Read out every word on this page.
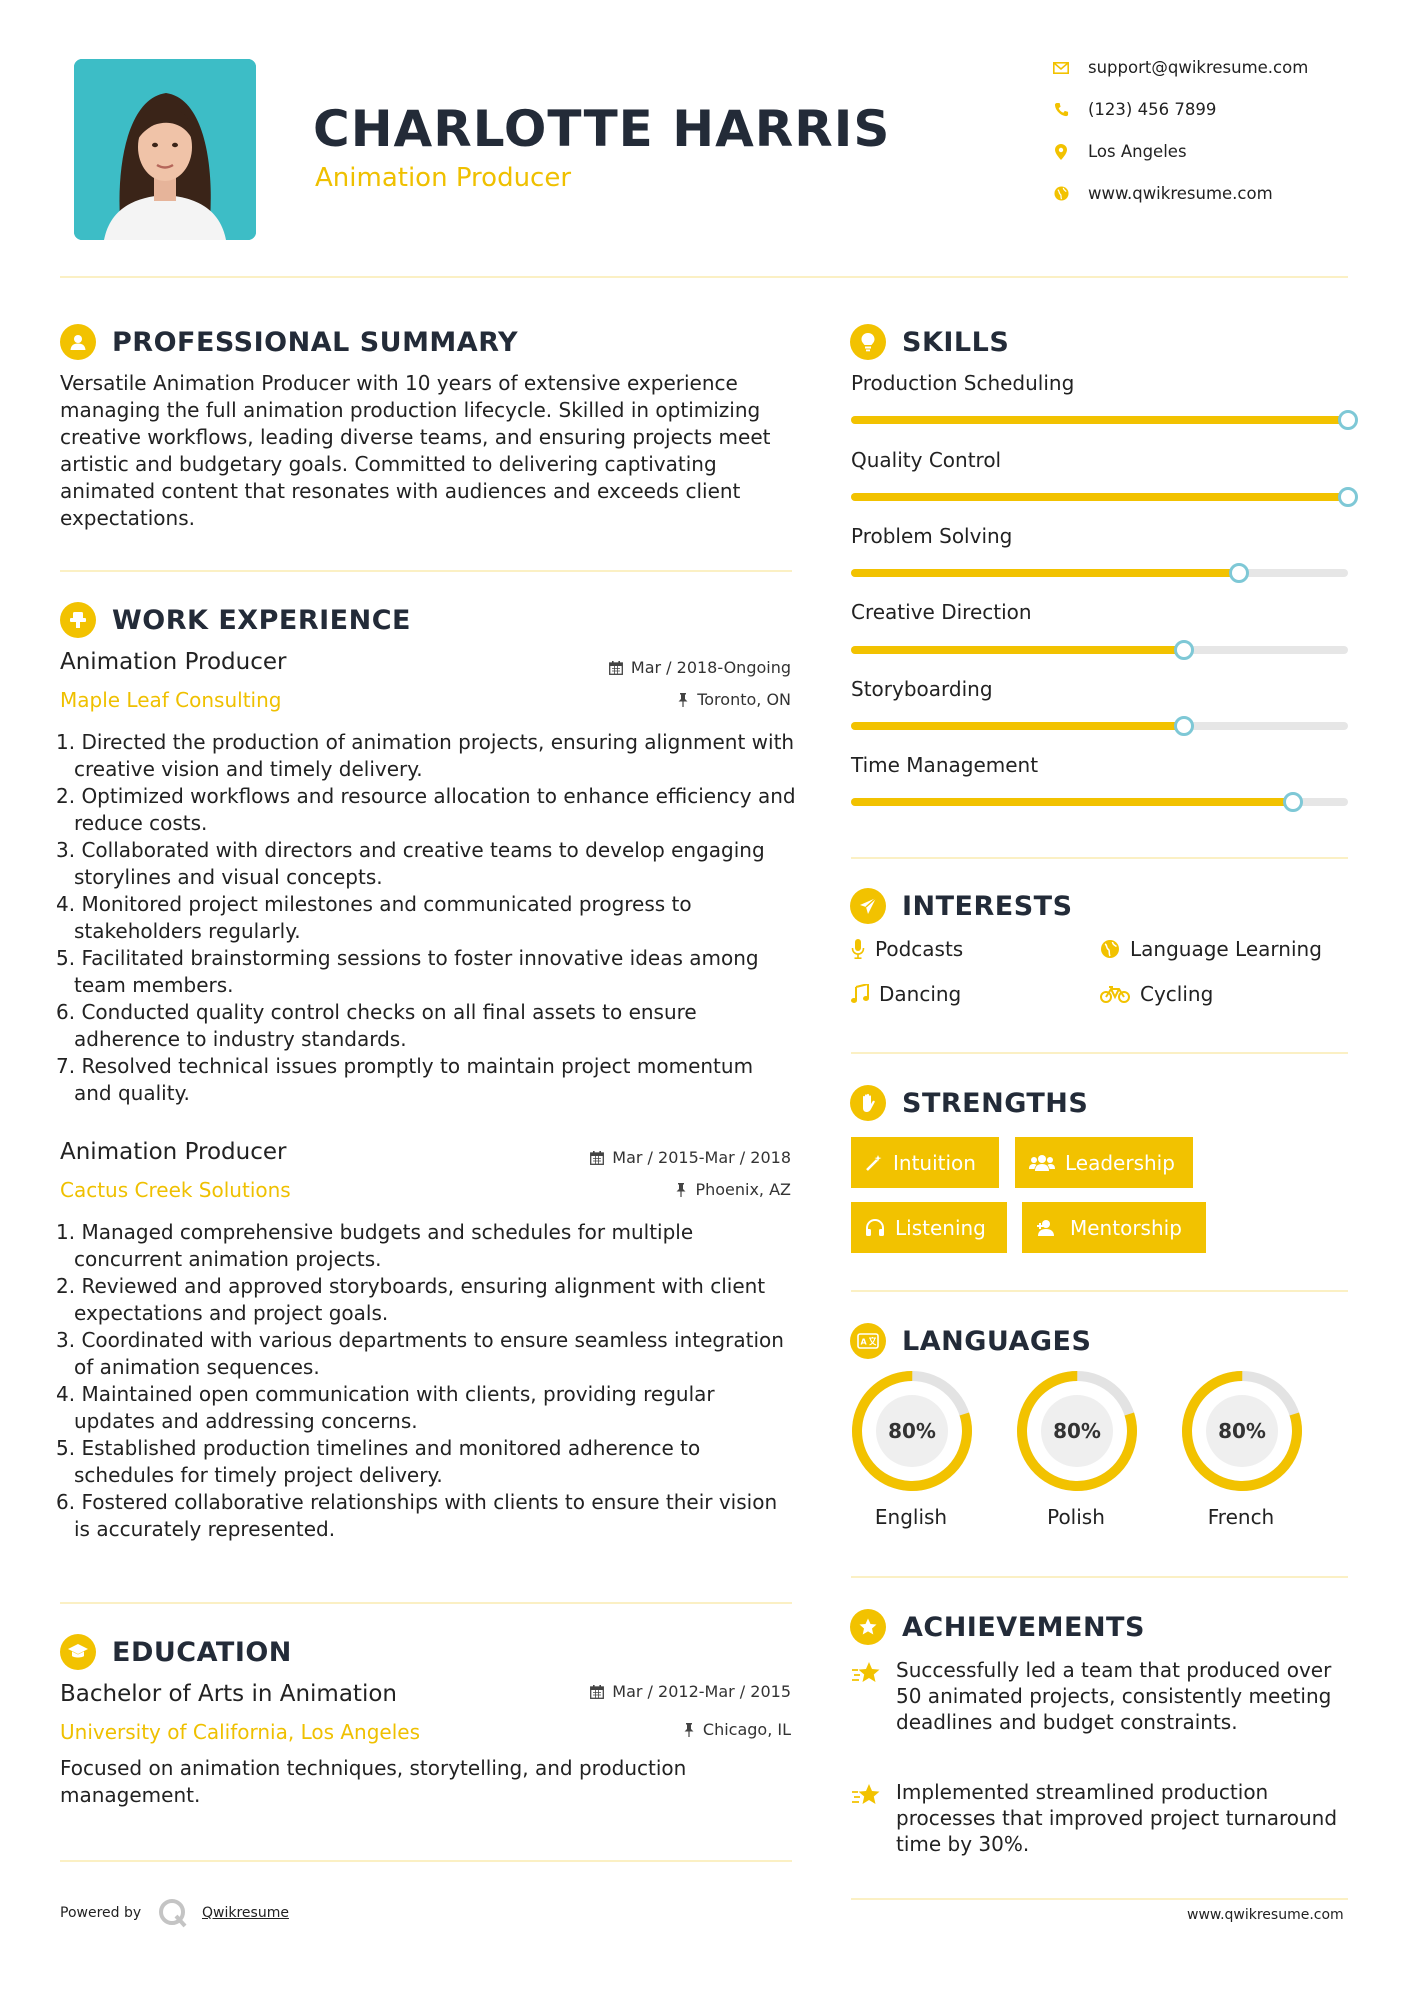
CHARLOTTE HARRIS
Animation Producer
support@qwikresume.com
(123) 456 7899
Los Angeles
www.qwikresume.com
PROFESSIONAL SUMMARY
Versatile Animation Producer with 10 years of extensive experience managing the full animation production lifecycle. Skilled in optimizing creative workflows, leading diverse teams, and ensuring projects meet artistic and budgetary goals. Committed to delivering captivating animated content that resonates with audiences and exceeds client expectations.
WORK EXPERIENCE
Animation Producer
Maple Leaf Consulting
Mar / 2018-Ongoing
Toronto, ON
1. Directed the production of animation projects, ensuring alignment with creative vision and timely delivery.
2. Optimized workflows and resource allocation to enhance efficiency and reduce costs.
3. Collaborated with directors and creative teams to develop engaging storylines and visual concepts.
4. Monitored project milestones and communicated progress to stakeholders regularly.
5. Facilitated brainstorming sessions to foster innovative ideas among team members.
6. Conducted quality control checks on all final assets to ensure adherence to industry standards.
7. Resolved technical issues promptly to maintain project momentum and quality.
Animation Producer
Cactus Creek Solutions
Mar / 2015-Mar / 2018
Phoenix, AZ
1. Managed comprehensive budgets and schedules for multiple concurrent animation projects.
2. Reviewed and approved storyboards, ensuring alignment with client expectations and project goals.
3. Coordinated with various departments to ensure seamless integration of animation sequences.
4. Maintained open communication with clients, providing regular updates and addressing concerns.
5. Established production timelines and monitored adherence to schedules for timely project delivery.
6. Fostered collaborative relationships with clients to ensure their vision is accurately represented.
EDUCATION
Bachelor of Arts in Animation
University of California, Los Angeles
Mar / 2012-Mar / 2015
Chicago, IL
Focused on animation techniques, storytelling, and production management.
SKILLS
Production Scheduling
Quality Control
Problem Solving
Creative Direction
Storyboarding
Time Management
INTERESTS
Podcasts	Language Learning
Dancing	Cycling
STRENGTHS
Intuition	Leadership
Listening	Mentorship
A LANGUAGES
80%
English
80%
Polish
80%
French
ACHIEVEMENTS
Successfully led a team that produced over 50 animated projects, consistently meeting deadlines and budget constraints.
Implemented streamlined production processes that improved project turnaround time by 30%.
Powered by	Qwikresume	www.qwikresume.com
